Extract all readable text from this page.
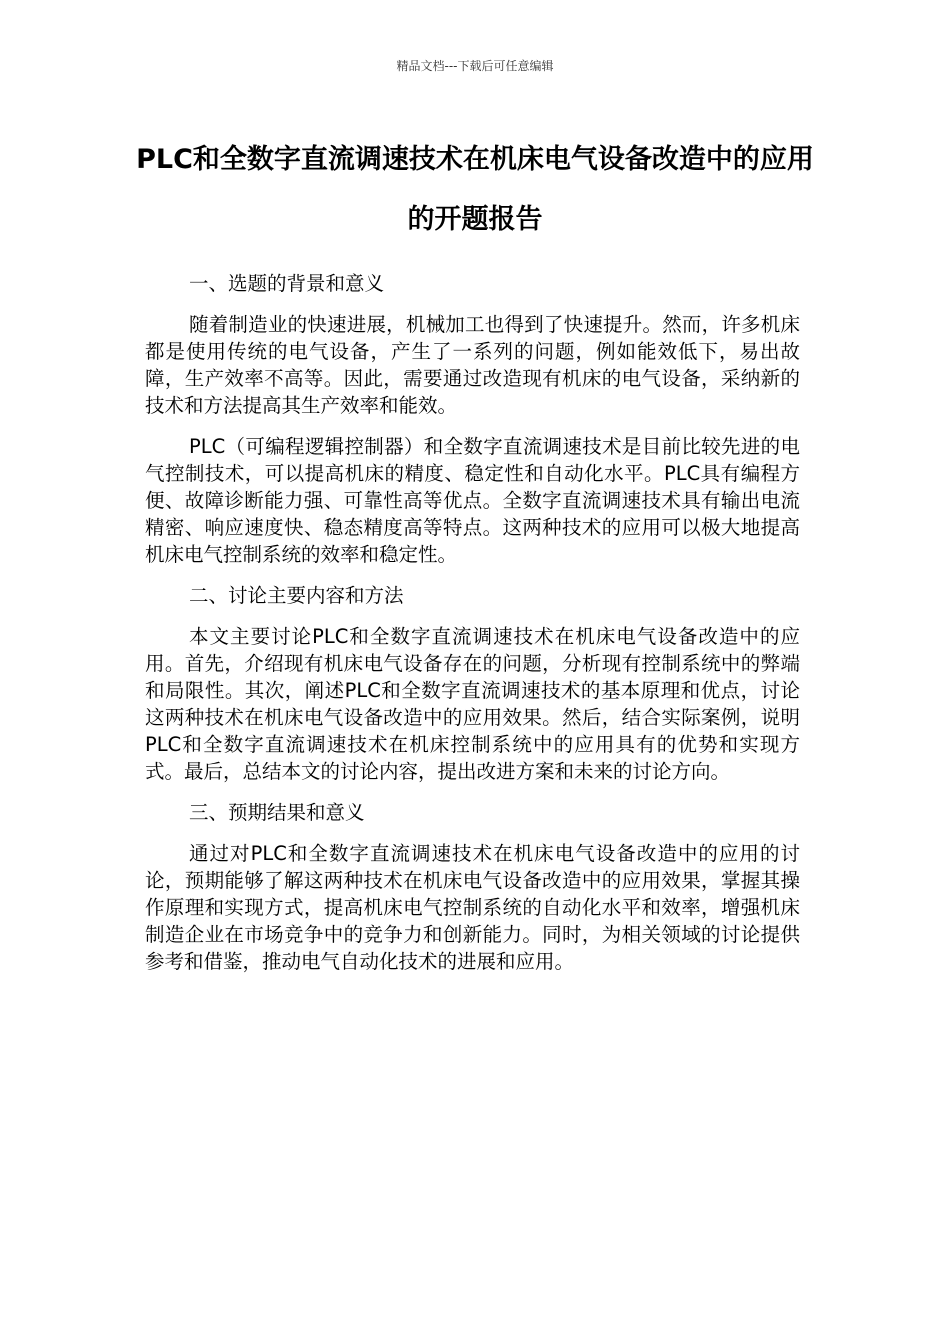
精品文档---下载后可任意编辑
PLC和全数字直流调速技术在机床电气设备改造中的应用的开题报告

一、选题的背景和意义

随着制造业的快速进展，机械加工也得到了快速提升。然而，许多机床都是使用传统的电气设备，产生了一系列的问题，例如能效低下，易出故障，生产效率不高等。因此，需要通过改造现有机床的电气设备，采纳新的技术和方法提高其生产效率和能效。

PLC（可编程逻辑控制器）和全数字直流调速技术是目前比较先进的电气控制技术，可以提高机床的精度、稳定性和自动化水平。PLC具有编程方便、故障诊断能力强、可靠性高等优点。全数字直流调速技术具有输出电流精密、响应速度快、稳态精度高等特点。这两种技术的应用可以极大地提高机床电气控制系统的效率和稳定性。

二、讨论主要内容和方法

本文主要讨论PLC和全数字直流调速技术在机床电气设备改造中的应用。首先，介绍现有机床电气设备存在的问题，分析现有控制系统中的弊端和局限性。其次，阐述PLC和全数字直流调速技术的基本原理和优点，讨论这两种技术在机床电气设备改造中的应用效果。然后，结合实际案例，说明PLC和全数字直流调速技术在机床控制系统中的应用具有的优势和实现方式。最后，总结本文的讨论内容，提出改进方案和未来的讨论方向。

三、预期结果和意义

通过对PLC和全数字直流调速技术在机床电气设备改造中的应用的讨论，预期能够了解这两种技术在机床电气设备改造中的应用效果，掌握其操作原理和实现方式，提高机床电气控制系统的自动化水平和效率，增强机床制造企业在市场竞争中的竞争力和创新能力。同时，为相关领域的讨论提供参考和借鉴，推动电气自动化技术的进展和应用。
